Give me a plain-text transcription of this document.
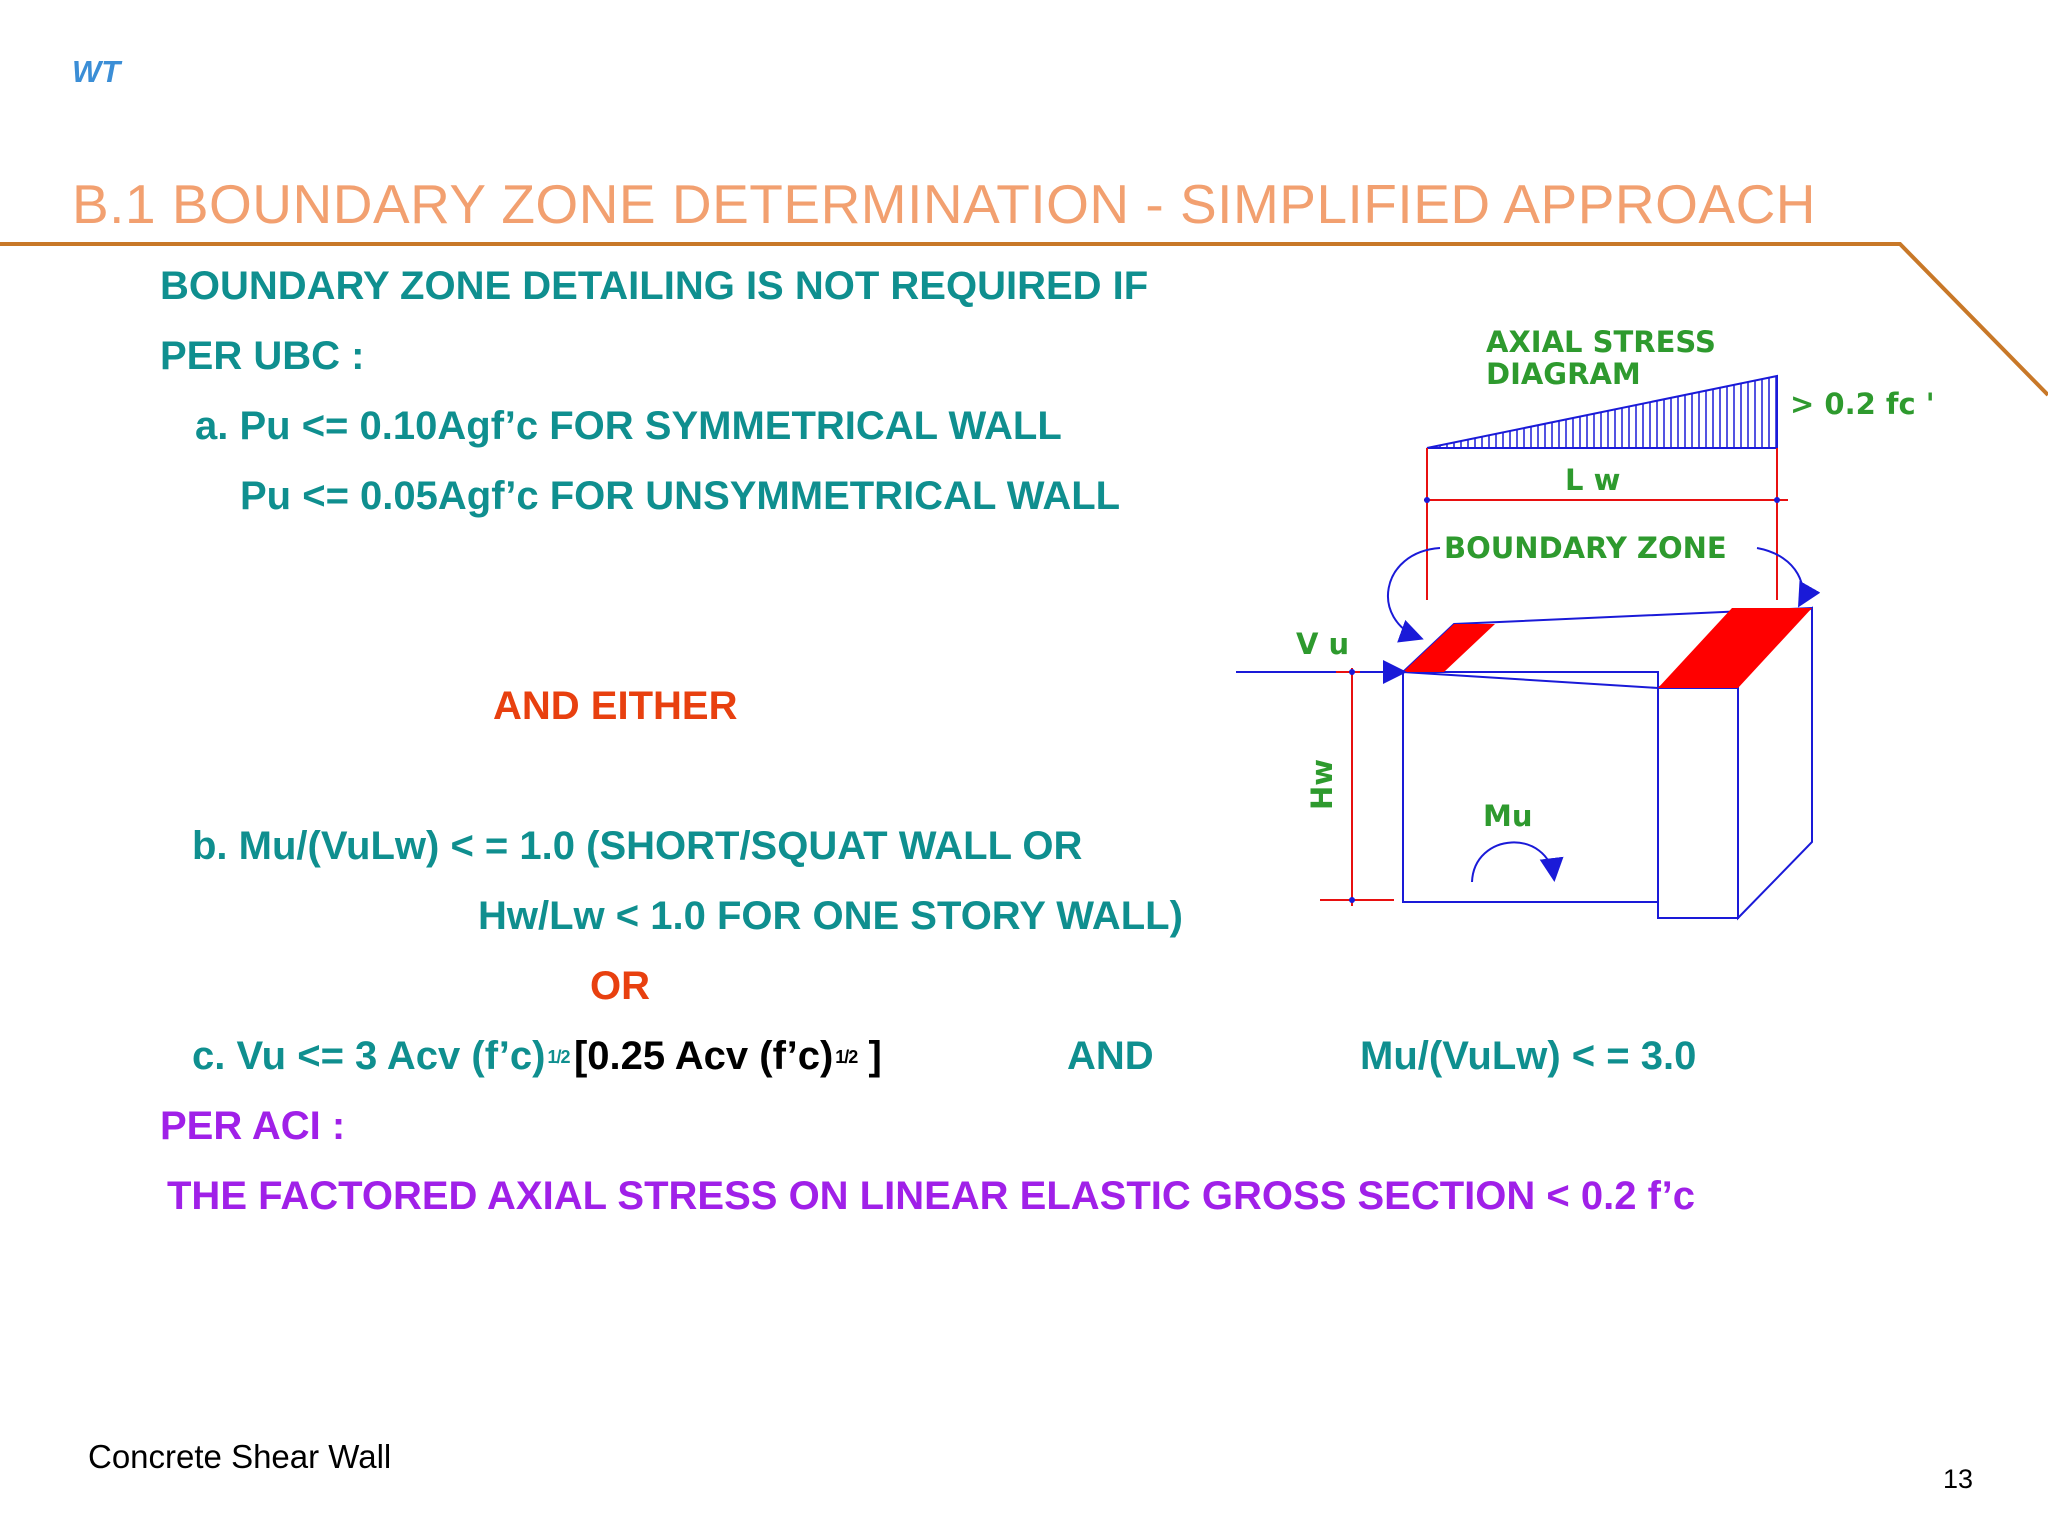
WT
B.1 BOUNDARY ZONE DETERMINATION - SIMPLIFIED APPROACH
BOUNDARY ZONE DETAILING IS NOT REQUIRED IF
PER UBC :
a. Pu <= 0.10Agf’c FOR SYMMETRICAL WALL
Pu <= 0.05Agf’c FOR UNSYMMETRICAL WALL
AND EITHER
b. Mu/(VuLw) < = 1.0 (SHORT/SQUAT WALL OR
Hw/Lw < 1.0 FOR ONE STORY WALL)
OR
c. Vu <= 3 Acv (f’c) 1/2 [0.25 Acv (f’c) 1/2 ]	AND	Mu/(VuLw) < = 3.0
PER ACI :
THE FACTORED AXIAL STRESS ON LINEAR ELASTIC GROSS SECTION < 0.2 f’c
AXIAL STRESS
DIAGRAM
> 0.2 fc '
L w
BOUNDARY ZONE
V u
Hw
Mu
Concrete Shear Wall
13
